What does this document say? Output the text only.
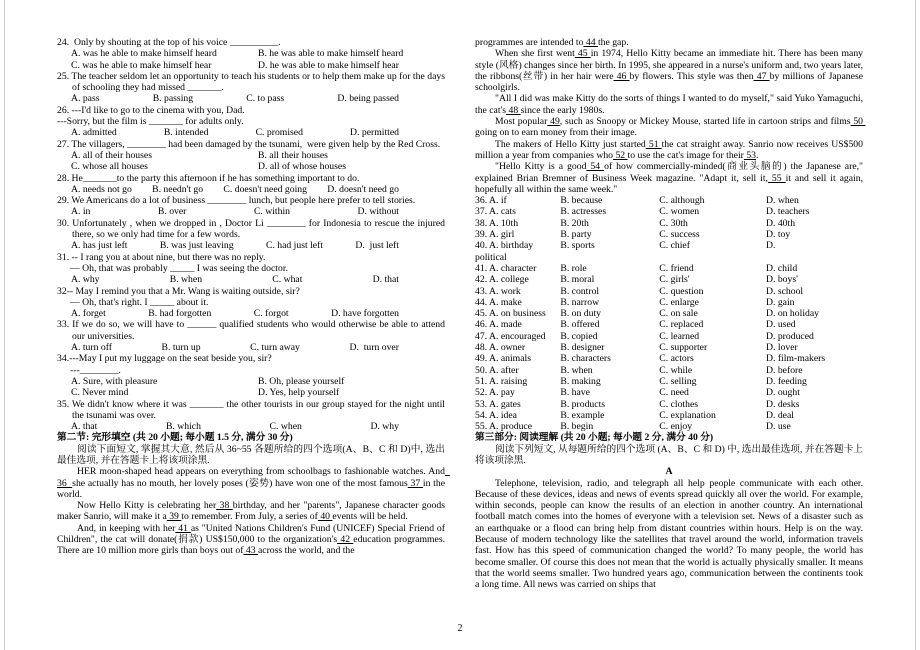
24.  Only by shouting at the top of his voice __________.
A. was he able to make himself heard	B. he was able to make himself heard
C. was he able to make himself hear	D. he was able to make himself hear
25. The teacher seldom let an opportunity to teach his students or to help them make up for the days of schooling they had missed _______.
A. pass	B. passing	C. to pass	D. being passed
26. ---I'd like to go to the cinema with you, Dad.
---Sorry, but the film is _______ for adults only.
A. admitted	B. intended	C. promised	D. permitted
27. The villagers, ________ had been damaged by the tsunami,  were given help by the Red Cross.
A. all of their houses	B. all their houses
C. whose all houses	D. all of whose houses
28. He_______to the party this afternoon if he has something important to do.
A. needs not go B. needn't go C. doesn't need going D. doesn't need go
29. We Americans do a lot of business ________ lunch, but people here prefer to tell stories.
A. in	B. over	C. within	D. without
30. Unfortunately , when we dropped in , Doctor Li ________ for Indonesia to rescue the injured there, so we only had time for a few words.
A. has just left	B. was just leaving	C. had just left	D.  just left
31. -- I rang you at about nine, but there was no reply.
— Oh, that was probably _____ I was seeing the doctor.
A. why	B. when	C. what	D. that
32-- May I remind you that a Mr. Wang is waiting outside, sir?
— Oh, that's right. I _____ about it.
A. forget	B. had forgotten	C. forgot	D. have forgotten
33. If we do so, we will have to ______ qualified students who would otherwise be able to attend our universities.
A. turn off	B. turn up	C. turn away	D.  turn over
34.---May I put my luggage on the seat beside you, sir?
---________.
A. Sure, with pleasure	B. Oh, please yourself
C. Never mind	D. Yes, help yourself
35. We didn't know where it was _______ the other tourists in our group stayed for the night until the tsunami was over.
A. that	B. which	C. when	D. why
第二节: 完形填空 (共 20 小题; 每小题 1.5 分, 满分 30 分)
阅读下面短文, 掌握其大意, 然后从 36~55 各题所给的四个选项(A、B、C 和 D)中, 选出最佳选项, 并在答题卡上将该项涂黑.
HER moon-shaped head appears on everything from schoolbags to fashionable watches. And  36  she actually has no mouth, her lovely poses (姿势) have won one of the most famous 37 in the world.
Now Hello Kitty is celebrating her 38 birthday, and her "parents", Japanese character goods maker Sanrio, will make it a 39 to remember. From July, a series of 40 events will be held.
And, in keeping with her 41 as "United Nations Children's Fund (UNICEF) Special Friend of Children", the cat will donate(捐款) US$150,000 to the organization's 42 education programmes. There are 10 million more girls than boys out of 43 across the world, and the
programmes are intended to 44 the gap.
When she first went 45 in 1974, Hello Kitty became an immediate hit. There has been many style (风格) changes since her birth. In 1995, she appeared in a nurse's uniform and, two years later, the ribbons(丝带) in her hair were 46 by flowers. This style was then 47 by millions of Japanese schoolgirls.
"All I did was make Kitty do the sorts of things I wanted to do myself," said Yuko Yamaguchi, the cat's 48 since the early 1980s.
Most popular 49, such as Snoopy or Mickey Mouse, started life in cartoon strips and films 50 going on to earn money from their image.
The makers of Hello Kitty just started 51 the cat straight away. Sanrio now receives US$500 million a year from companies who 52 to use the cat's image for their 53.
"Hello Kitty is a good 54 of how commercially-minded(商业头脑的) the Japanese are," explained Brian Bremner of Business Week magazine. "Adapt it, sell it, 55 it and sell it again, hopefully all within the same week."
36. A. if	B. because	C. although	D. when
37. A. cats	B. actresses	C. women	D. teachers
38. A. 10th	B. 20th	C. 30th	D. 40th
39. A. girl	B. party	C. success	D. toy
40. A. birthday	B. sports	C. chief	D.
political
41. A. character	B. role	C. friend	D. child
42. A. college	B. moral	C. girls'	D. boys'
43. A. work	B. control	C. question	D. school
44. A. make	B. narrow	C. enlarge	D. gain
45. A. on business	B. on duty	C. on sale	D. on holiday
46. A. made	B. offered	C. replaced	D. used
47. A. encouraged	B. copied	C. learned	D. produced
48. A. owner	B. designer	C. supporter	D. lover
49. A. animals	B. characters	C. actors	D. film-makers
50. A. after	B. when	C. while	D. before
51. A. raising	B. making	C. selling	D. feeding
52. A. pay	B. have	C. need	D. ought
53. A. gates	B. products	C. clothes	D. desks
54. A. idea	B. example	C. explanation	D. deal
55. A. produce	B. begin	C. enjoy	D. use
第三部分: 阅读理解 (共 20 小题; 每小题 2 分, 满分 40 分)
阅读下列短文, 从每题所给的四个选项 (A、B、C 和 D) 中, 选出最佳选项, 并在答题卡上将该项涂黑.
A
Telephone, television, radio, and telegraph all help people communicate with each other. Because of these devices, ideas and news of events spread quickly all over the world. For example, within seconds, people can know the results of an election in another country. An international football match comes into the homes of everyone with a television set. News of a disaster such as an earthquake or a flood can bring help from distant countries within hours. Help is on the way. Because of modern technology like the satellites that travel around the world, information travels fast. How has this speed of communication changed the world? To many people, the world has become smaller. Of course this does not mean that the world is actually physically smaller. It means that the world seems smaller. Two hundred years ago, communication between the continents took a long time. All news was carried on ships that
2
